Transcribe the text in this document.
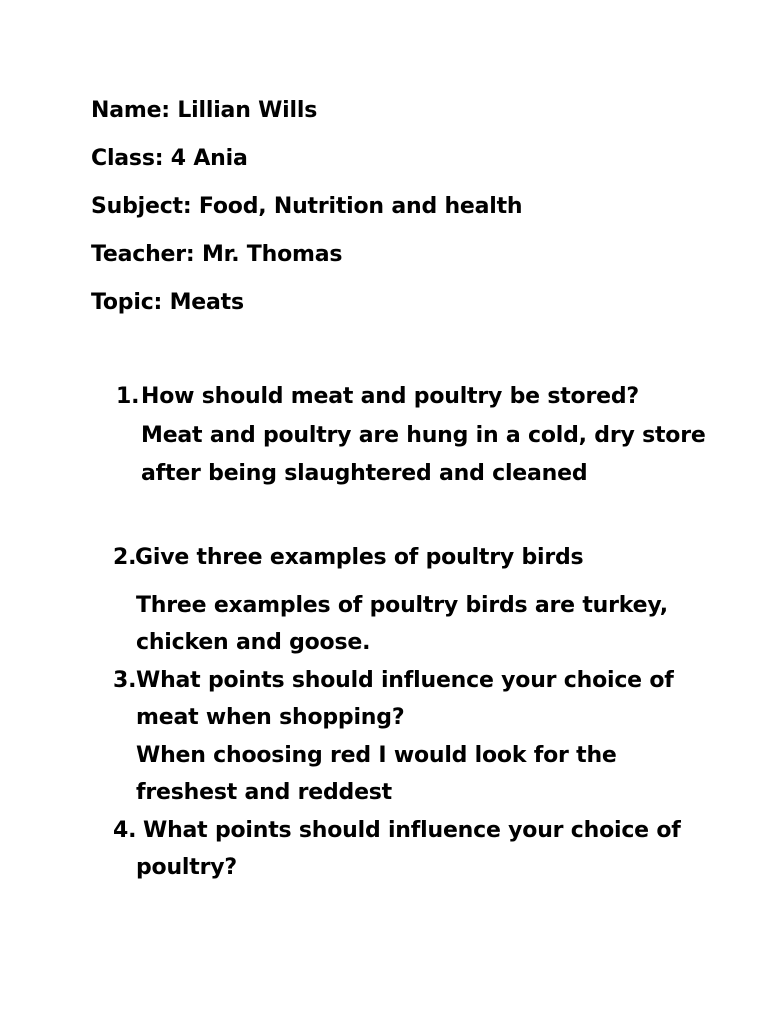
Name: Lillian Wills
Class: 4 Ania
Subject: Food, Nutrition and health
Teacher: Mr. Thomas
Topic: Meats
1. How should meat and poultry be stored?
Meat and poultry are hung in a cold, dry store
after being slaughtered and cleaned
2.
Give three examples of poultry birds
Three examples of poultry birds are turkey,
chicken and goose.
3. What points should influence your choice of
meat when shopping?
When choosing red I would look for the
freshest and reddest
4. What points should influence your choice of
poultry?
